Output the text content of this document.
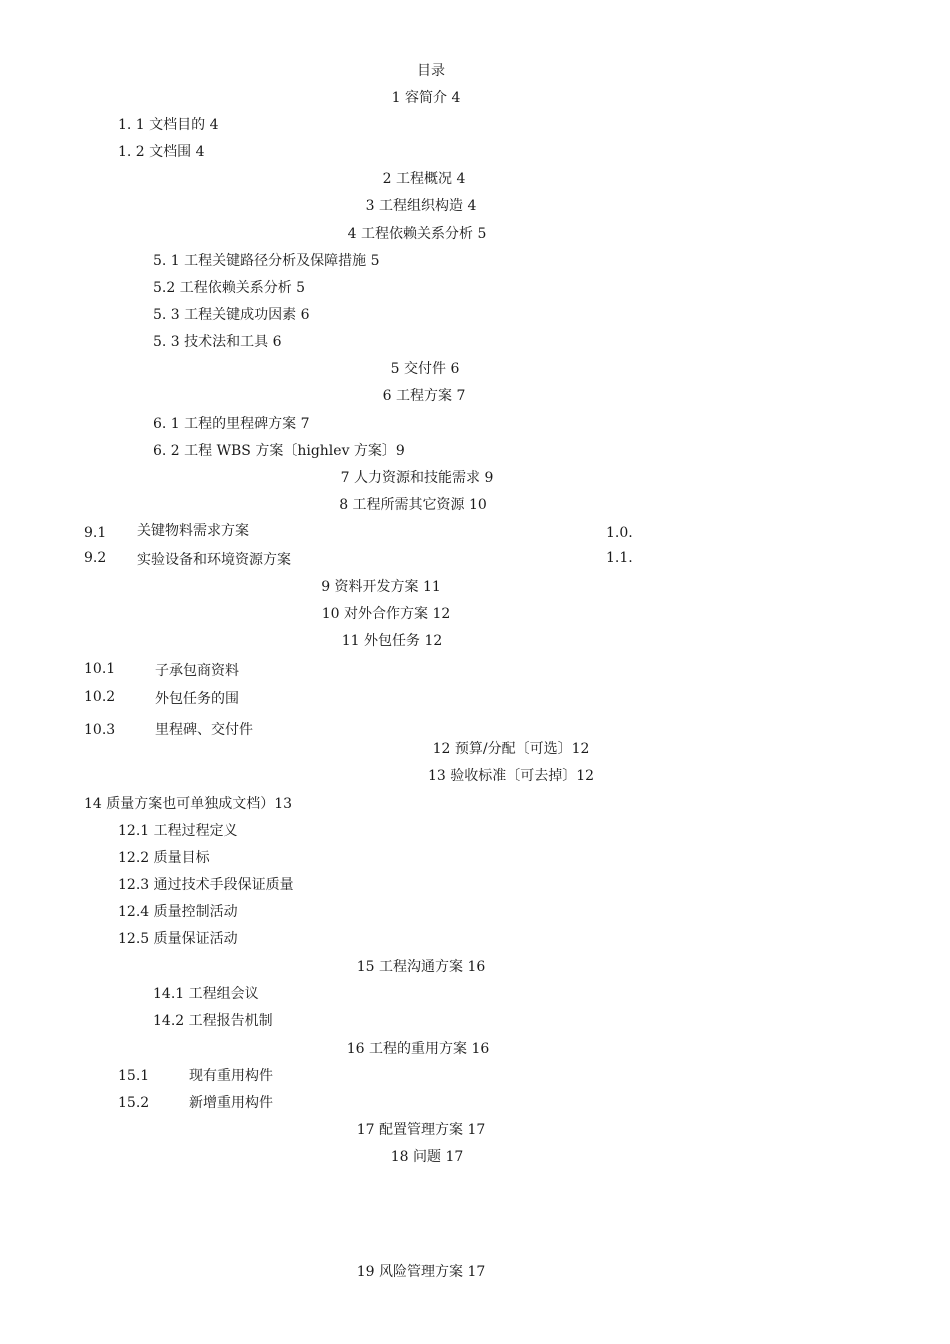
目录
1 容简介 4
1. 1 文档目的 4
1. 2 文档围 4
2 工程概况 4
3 工程组织构造 4
4 工程依赖关系分析 5
5. 1 工程关键路径分析及保障措施 5
5.2 工程依赖关系分析 5
5. 3 工程关键成功因素 6
5. 3 技术法和工具 6
5 交付件 6
6 工程方案 7
6. 1 工程的里程碑方案 7
6. 2 工程 WBS 方案〔highlev 方案〕9
7 人力资源和技能需求 9
8 工程所需其它资源 10
9.1 关键物料需求方案	1.0.
9.2 实验设备和环境资源方案	1.1.
9 资料开发方案 11
10 对外合作方案 12
11 外包任务 12
10.1	子承包商资料
10.2	外包任务的围
10.3	里程碑、交付件
12 预算/分配〔可选〕12
13 验收标准〔可去掉〕12
14 质量方案也可单独成文档）13
12.1 工程过程定义
12.2 质量目标
12.3 通过技术手段保证质量
12.4 质量控制活动
12.5 质量保证活动
15 工程沟通方案 16
14.1 工程组会议
14.2 工程报告机制
16 工程的重用方案 16
15.1	现有重用构件
15.2	新增重用构件
17 配置管理方案 17
18 问题 17
19 风险管理方案 17
